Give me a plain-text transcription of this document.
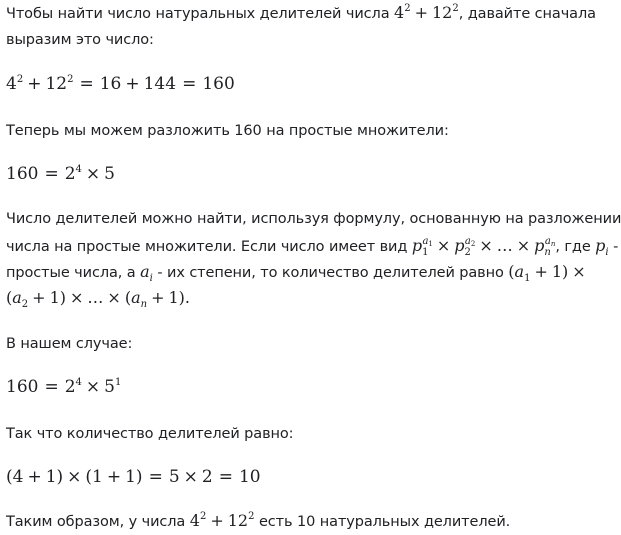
Чтобы найти число натуральных делителей числа $4^2 + 12^2$, давайте сначала
выразим это число:
$4^2 + 12^2 = 16 + 144 = 160$
Теперь мы можем разложить 160 на простые множители:
$160 = 2^4 \times 5$
Число делителей можно найти, используя формулу, основанную на разложении
числа на простые множители. Если число имеет вид $p_1^{a_1} \times p_2^{a_2}$ × … × $p_n^{a_n}$, где $p_i$ -
простые числа, а $a_i$ - их степени, то количество делителей равно $(a_1 + 1)$ ×
$(a_2 + 1)$ × … × $(a_n + 1)$.
В нашем случае:
$160 = 2^4 \times 5^1$
Так что количество делителей равно:
(4 + 1) × (1 + 1) = 5 × 2 = 10
Таким образом, у числа $4^2 + 12^2$ есть 10 натуральных делителей.
